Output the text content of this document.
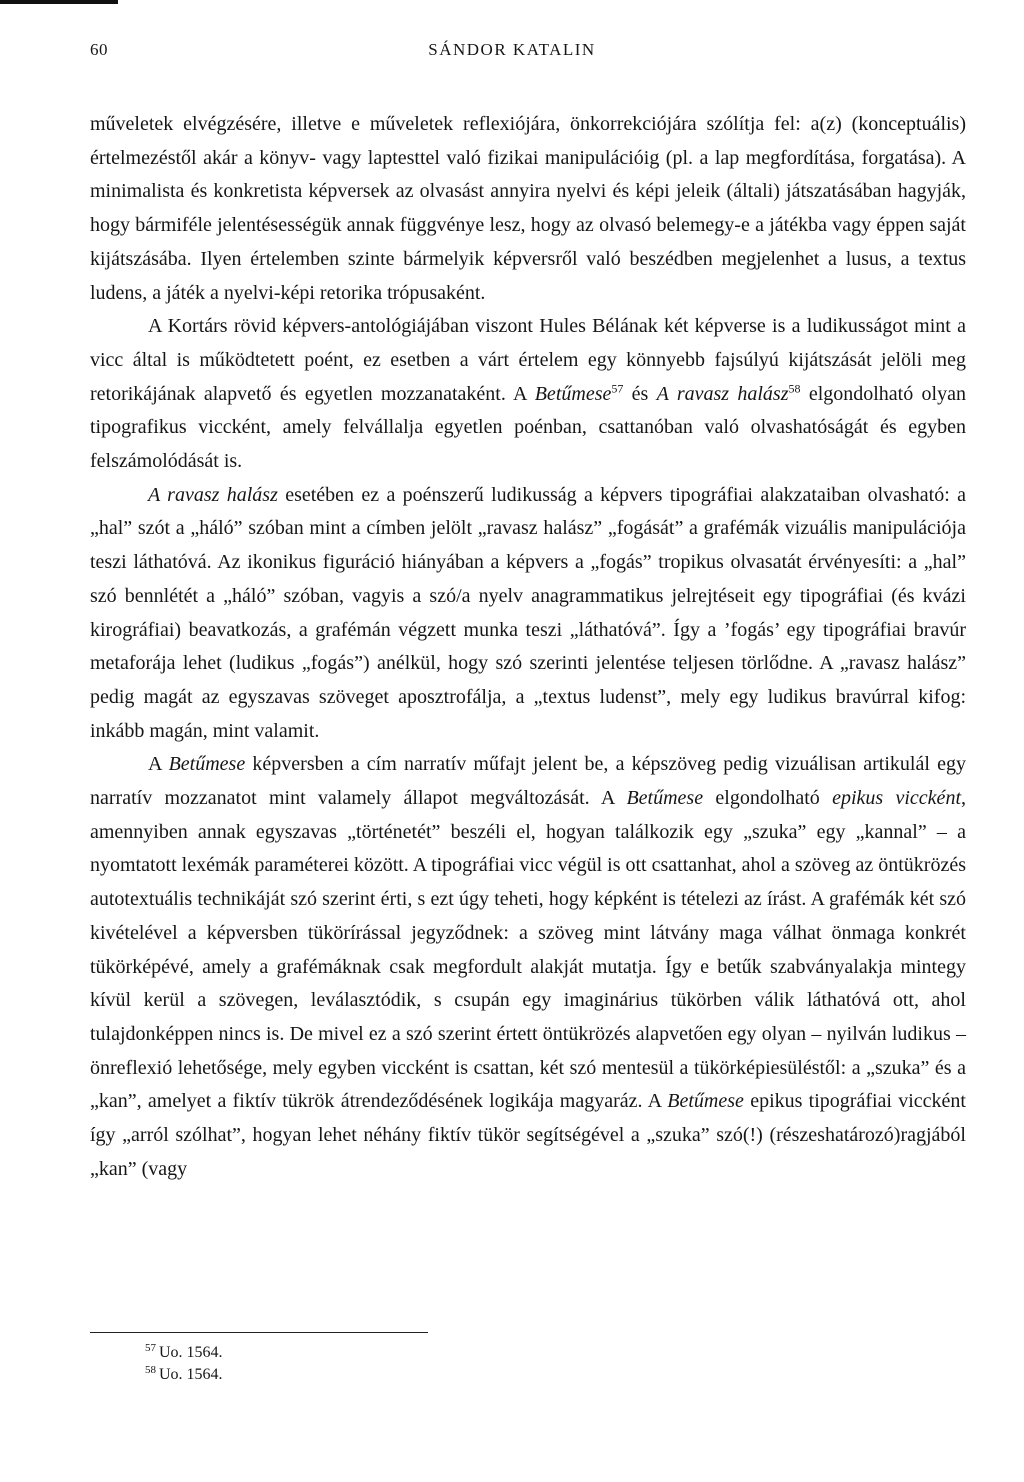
60	SÁNDOR KATALIN

műveletek elvégzésére, illetve e műveletek reflexiójára, önkorrekciójára szólítja fel: a(z) (konceptuális) értelmezéstől akár a könyv- vagy laptesttel való fizikai manipulációig (pl. a lap megfordítása, forgatása). A minimalista és konkretista képversek az olvasást annyira nyelvi és képi jeleik (általi) játszatásában hagyják, hogy bármiféle jelentésességük annak függvénye lesz, hogy az olvasó belemegy-e a játékba vagy éppen saját kijátszásába. Ilyen értelemben szinte bármelyik képversről való beszédben megjelenhet a lusus, a textus ludens, a játék a nyelvi-képi retorika trópusaként.

A Kortárs rövid képvers-antológiájában viszont Hules Bélának két képverse is a ludikusságot mint a vicc által is működtetett poént, ez esetben a várt értelem egy könnyebb fajsúlyú kijátszását jelöli meg retorikájának alapvető és egyetlen mozzanataként. A Betűmese$^{57}$ és A ravasz halász$^{58}$ elgondolható olyan tipografikus viccként, amely felvállalja egyetlen poénban, csattanóban való olvashatóságát és egyben felszámolódását is.

A ravasz halász esetében ez a poénszerű ludikusság a képvers tipográfiai alakzataiban olvasható: a „hal” szót a „háló” szóban mint a címben jelölt „ravasz halász” „fogását” a grafémák vizuális manipulációja teszi láthatóvá. Az ikonikus figuráció hiányában a képvers a „fogás” tropikus olvasatát érvényesíti: a „hal” szó bennlétét a „háló” szóban, vagyis a szó/a nyelv anagrammatikus jelrejtéseit egy tipográfiai (és kvázi kirográfiai) beavatkozás, a grafémán végzett munka teszi „láthatóvá”. Így a ’fogás’ egy tipográfiai bravúr metaforája lehet (ludikus „fogás”) anélkül, hogy szó szerinti jelentése teljesen törlődne. A „ravasz halász” pedig magát az egyszavas szöveget aposztrofálja, a „textus ludenst”, mely egy ludikus bravúrral kifog: inkább magán, mint valamit.

A Betűmese képversben a cím narratív műfajt jelent be, a képszöveg pedig vizuálisan artikulál egy narratív mozzanatot mint valamely állapot megváltozását. A Betűmese elgondolható epikus viccként, amennyiben annak egyszavas „történetét” beszéli el, hogyan találkozik egy „szuka” egy „kannal” – a nyomtatott lexémák paraméterei között. A tipográfiai vicc végül is ott csattanhat, ahol a szöveg az öntükrözés autotextuális technikáját szó szerint érti, s ezt úgy teheti, hogy képként is tételezi az írást. A grafémák két szó kivételével a képversben tükörírással jegyződnek: a szöveg mint látvány maga válhat önmaga konkrét tükörképévé, amely a grafémáknak csak megfordult alakját mutatja. Így e betűk szabványalakja mintegy kívül kerül a szövegen, leválasztódik, s csupán egy imaginárius tükörben válik láthatóvá ott, ahol tulajdonképpen nincs is. De mivel ez a szó szerint értett öntükrözés alapvetően egy olyan – nyilván ludikus – önreflexió lehetősége, mely egyben viccként is csattan, két szó mentesül a tükörképiesüléstől: a „szuka” és a „kan”, amelyet a fiktív tükrök átrendeződésének logikája magyaráz. A Betűmese epikus tipográfiai viccként így „arról szólhat”, hogyan lehet néhány fiktív tükör segítségével a „szuka” szó(!) (részeshatározó)ragjából „kan” (vagy

$^{57}$ Uo. 1564.
$^{58}$ Uo. 1564.
